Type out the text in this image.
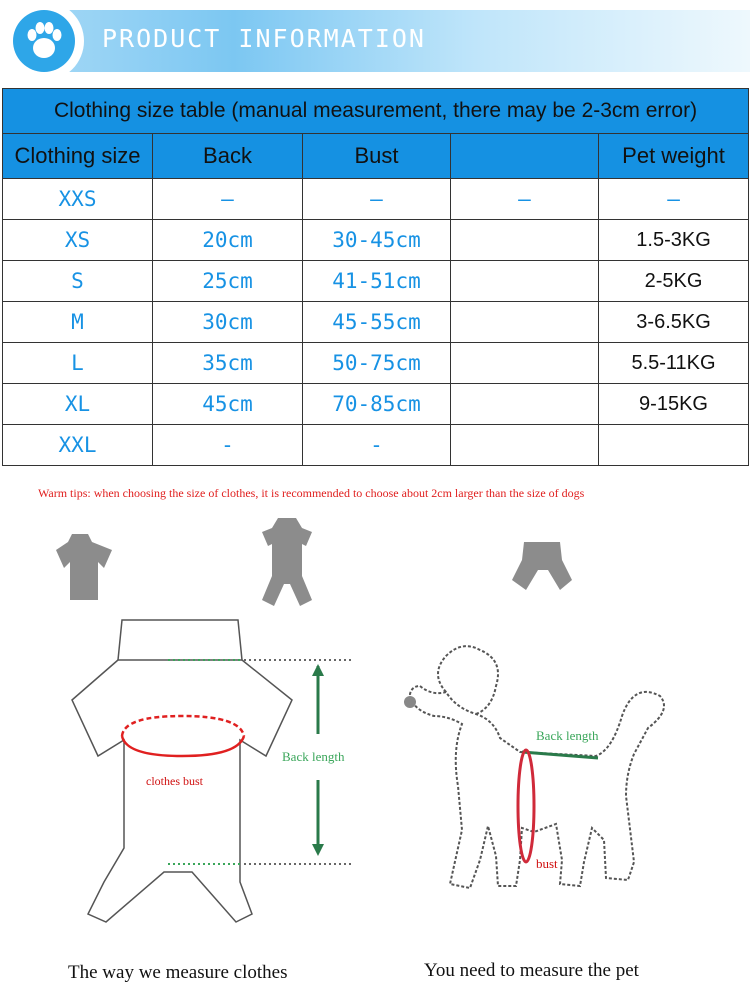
PRODUCT INFORMATION
Clothing size table (manual measurement, there may be 2-3cm error)				
Clothing size	Back	Bust		Pet weight
XXS	—	—	—	—
XS	20cm	30-45cm		1.5-3KG
S	25cm	41-51cm		2-5KG
M	30cm	45-55cm		3-6.5KG
L	35cm	50-75cm		5.5-11KG
XL	45cm	70-85cm		9-15KG
XXL	-	-		
Warm tips: when choosing the size of clothes, it is recommended to choose about 2cm larger than the size of dogs
clothes bust
Back length
Back length
bust
The way we measure clothes	You need to measure the pet
